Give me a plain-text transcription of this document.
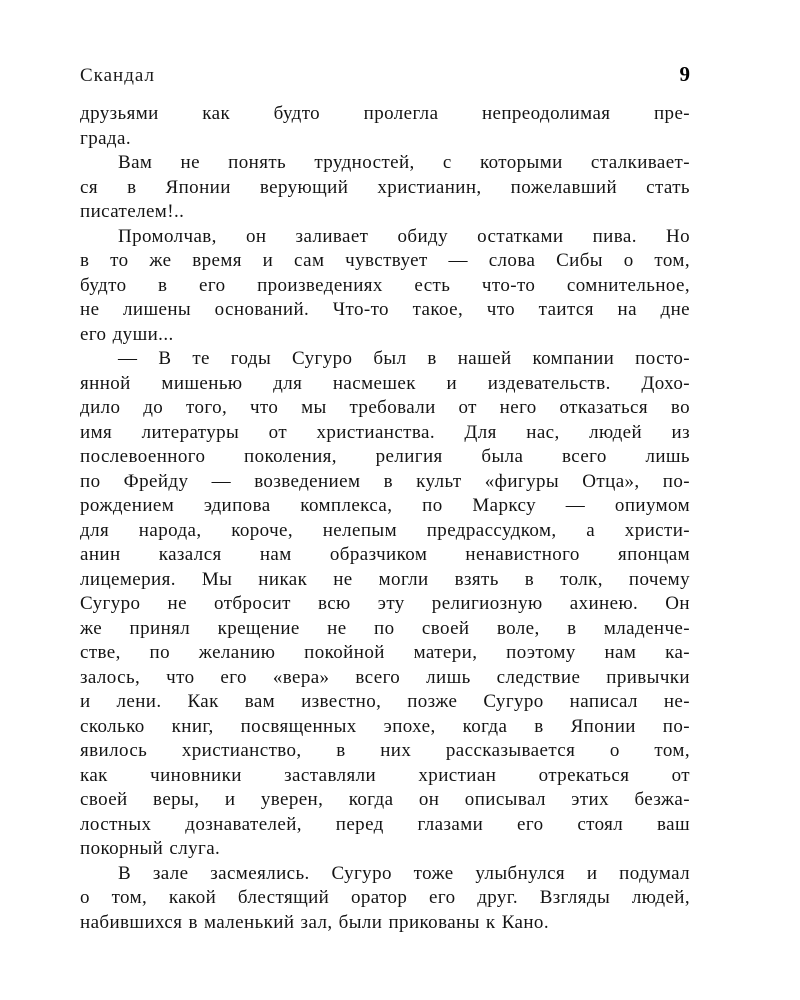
Скандал	9
друзьями как будто пролегла непреодолимая пре-
града.
Вам не понять трудностей, с которыми сталкивает-
ся в Японии верующий христианин, пожелавший стать
писателем!..
Промолчав, он заливает обиду остатками пива. Но
в то же время и сам чувствует — слова Сибы о том,
будто в его произведениях есть что-то сомнительное,
не лишены оснований. Что-то такое, что таится на дне
его души...
— В те годы Сугуро был в нашей компании посто-
янной мишенью для насмешек и издевательств. Дохо-
дило до того, что мы требовали от него отказаться во
имя литературы от христианства. Для нас, людей из
послевоенного поколения, религия была всего лишь
по Фрейду — возведением в культ «фигуры Отца», по-
рождением эдипова комплекса, по Марксу — опиумом
для народа, короче, нелепым предрассудком, а христи-
анин казался нам образчиком ненавистного японцам
лицемерия. Мы никак не могли взять в толк, почему
Сугуро не отбросит всю эту религиозную ахинею. Он
же принял крещение не по своей воле, в младенче-
стве, по желанию покойной матери, поэтому нам ка-
залось, что его «вера» всего лишь следствие привычки
и лени. Как вам известно, позже Сугуро написал не-
сколько книг, посвященных эпохе, когда в Японии по-
явилось христианство, в них рассказывается о том,
как чиновники заставляли христиан отрекаться от
своей веры, и уверен, когда он описывал этих безжа-
лостных дознавателей, перед глазами его стоял ваш
покорный слуга.
В зале засмеялись. Сугуро тоже улыбнулся и подумал
о том, какой блестящий оратор его друг. Взгляды людей,
набившихся в маленький зал, были прикованы к Кано.
